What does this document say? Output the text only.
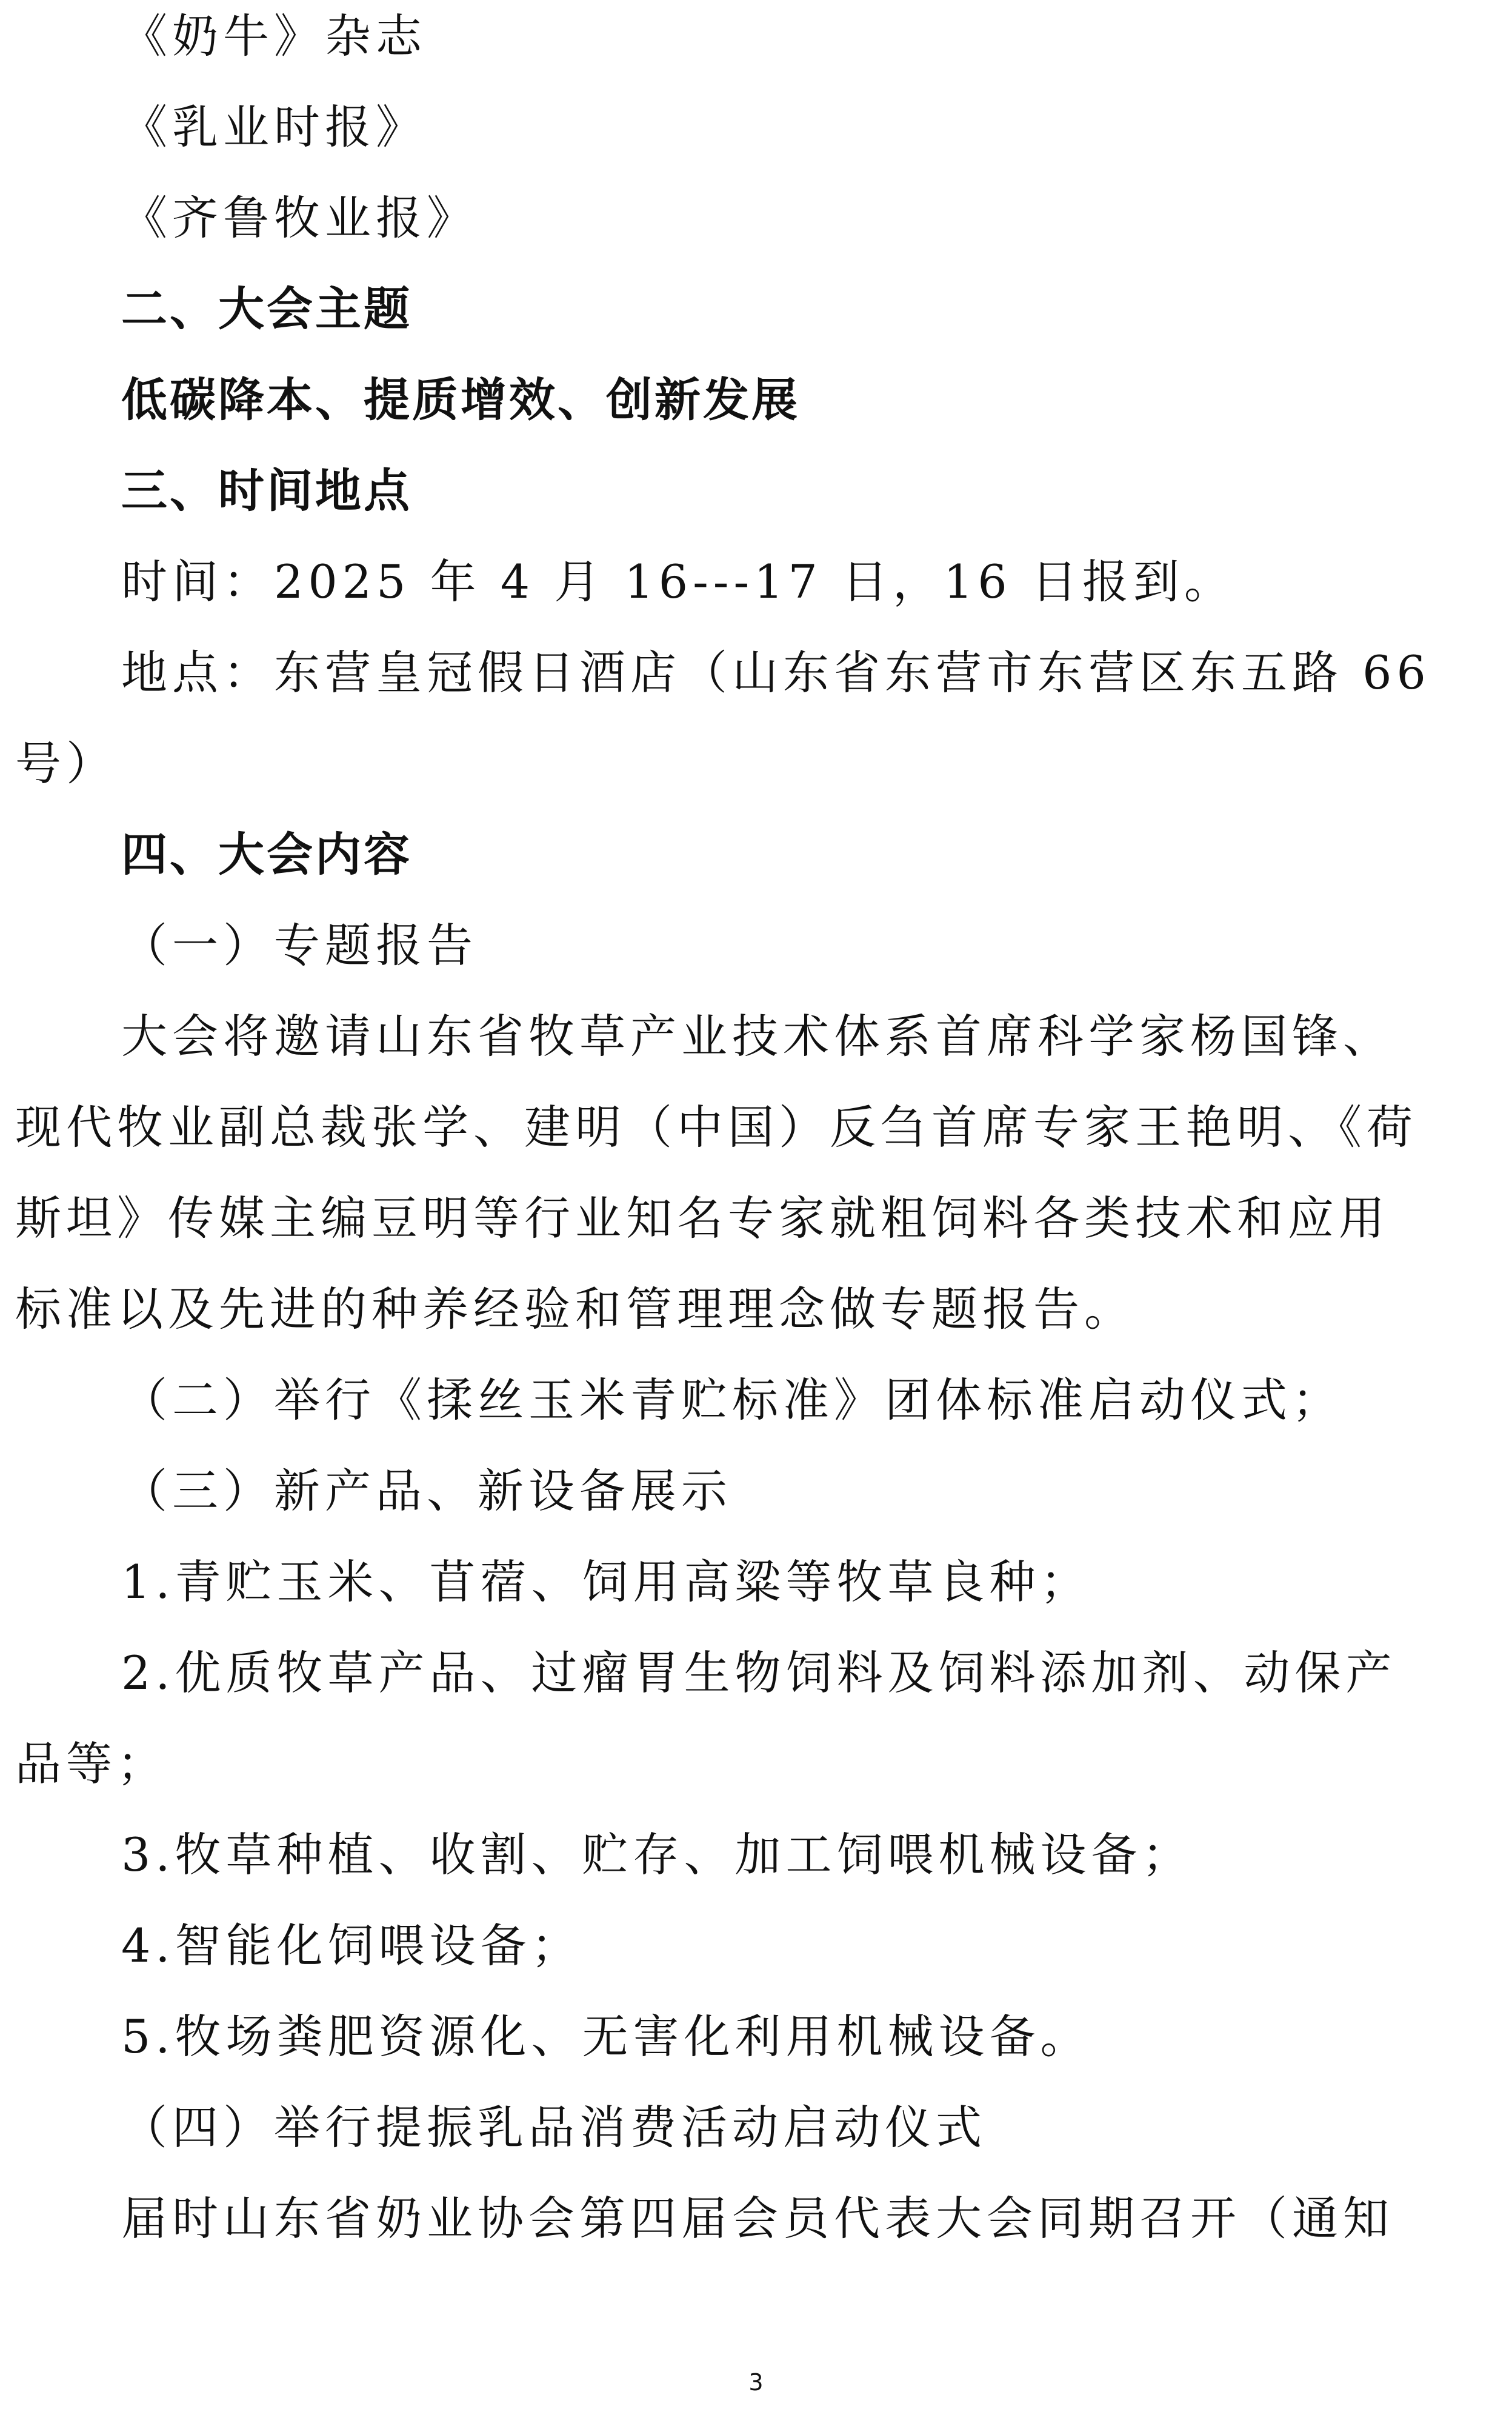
《奶牛》杂志
《乳业时报》
《齐鲁牧业报》
二、大会主题
低碳降本、提质增效、创新发展
三、时间地点
时间：2025 年 4 月 16---17 日，16 日报到。
地点：东营皇冠假日酒店（山东省东营市东营区东五路 66
号）
四、大会内容
（一）专题报告
大会将邀请山东省牧草产业技术体系首席科学家杨国锋、
现代牧业副总裁张学、建明（中国）反刍首席专家王艳明、《荷
斯坦》传媒主编豆明等行业知名专家就粗饲料各类技术和应用
标准以及先进的种养经验和管理理念做专题报告。
（二）举行《揉丝玉米青贮标准》团体标准启动仪式；
（三）新产品、新设备展示
1.青贮玉米、苜蓿、饲用高粱等牧草良种；
2.优质牧草产品、过瘤胃生物饲料及饲料添加剂、动保产
品等；
3.牧草种植、收割、贮存、加工饲喂机械设备；
4.智能化饲喂设备；
5.牧场粪肥资源化、无害化利用机械设备。
（四）举行提振乳品消费活动启动仪式
届时山东省奶业协会第四届会员代表大会同期召开（通知
3
